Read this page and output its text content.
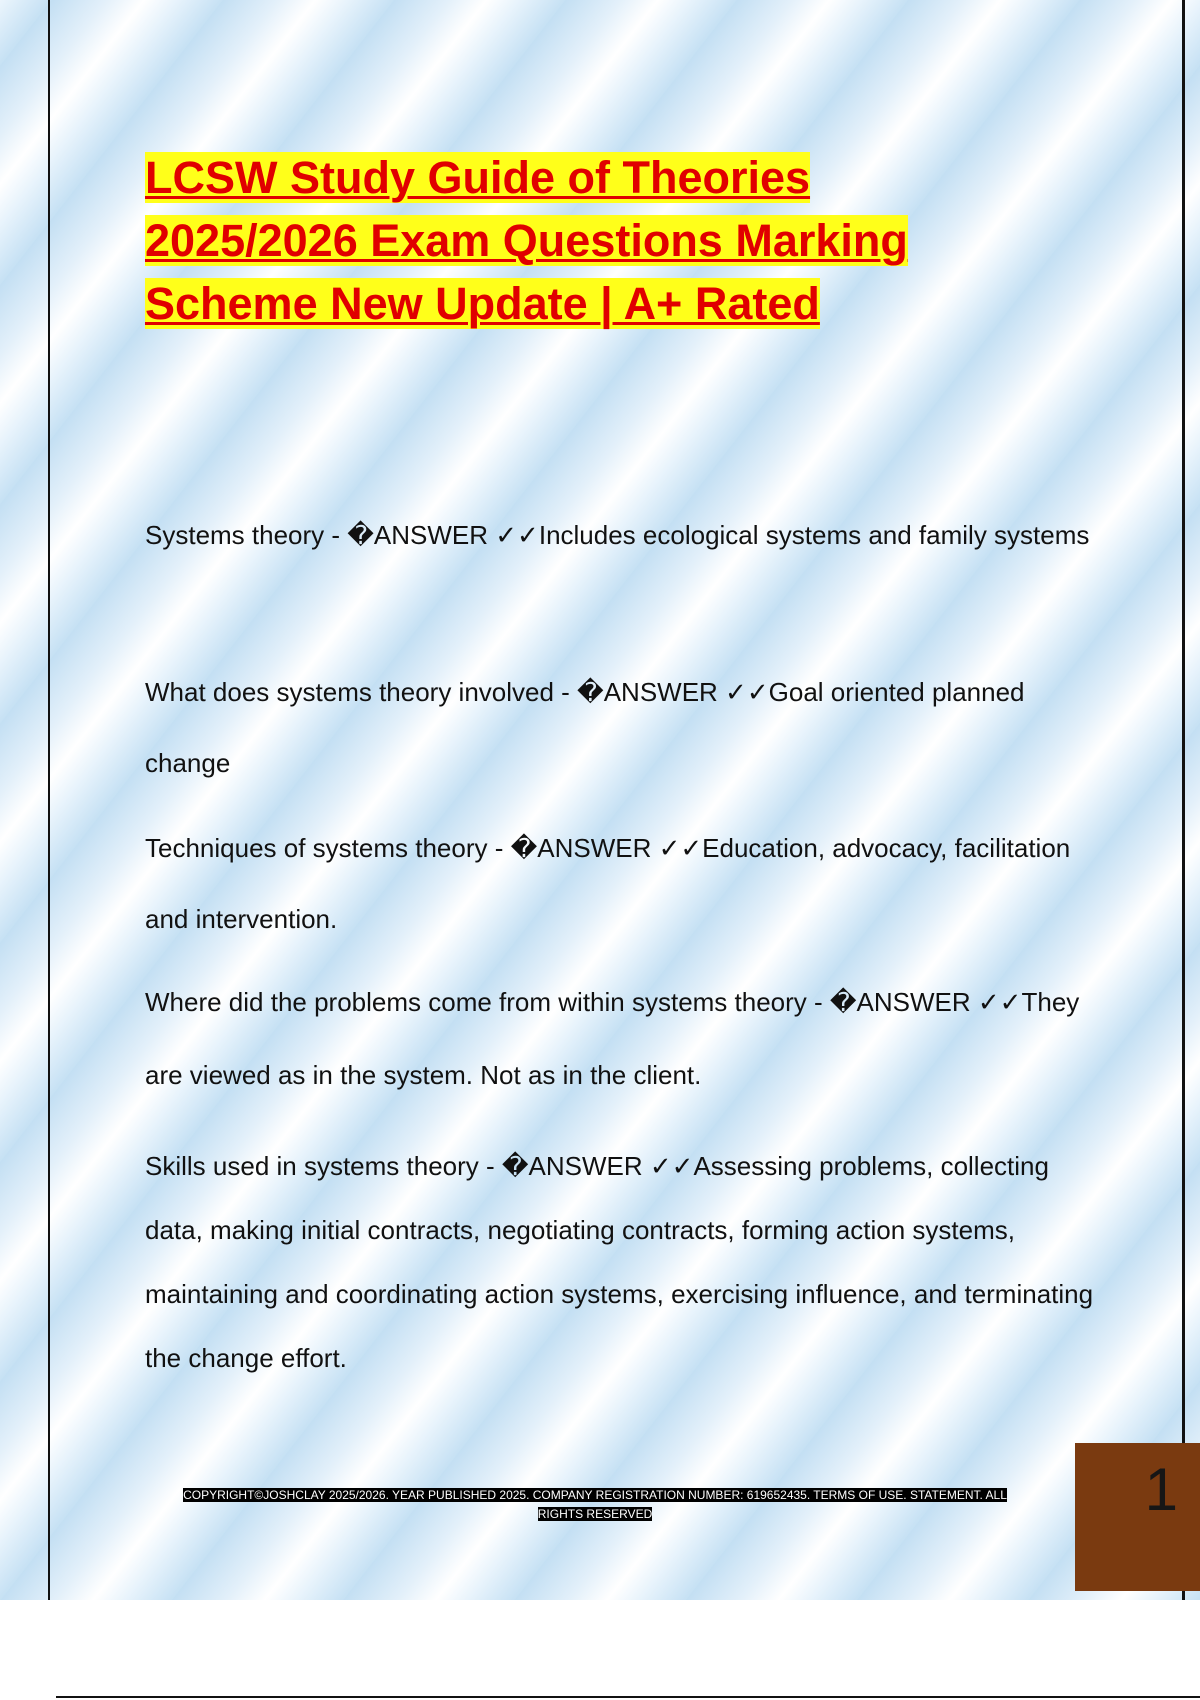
LCSW Study Guide of Theories
2025/2026 Exam Questions Marking
Scheme New Update | A+ Rated

Systems theory - �ANSWER ✓✓Includes ecological systems and family systems

What does systems theory involved - �ANSWER ✓✓Goal oriented planned change

Techniques of systems theory - �ANSWER ✓✓Education, advocacy, facilitation and intervention.

Where did the problems come from within systems theory - �ANSWER ✓✓They are viewed as in the system. Not as in the client.

Skills used in systems theory - �ANSWER ✓✓Assessing problems, collecting data, making initial contracts, negotiating contracts, forming action systems, maintaining and coordinating action systems, exercising influence, and terminating the change effort.

COPYRIGHT©JOSHCLAY 2025/2026. YEAR PUBLISHED 2025. COMPANY REGISTRATION NUMBER: 619652435. TERMS OF USE. STATEMENT. ALL RIGHTS RESERVED	1
